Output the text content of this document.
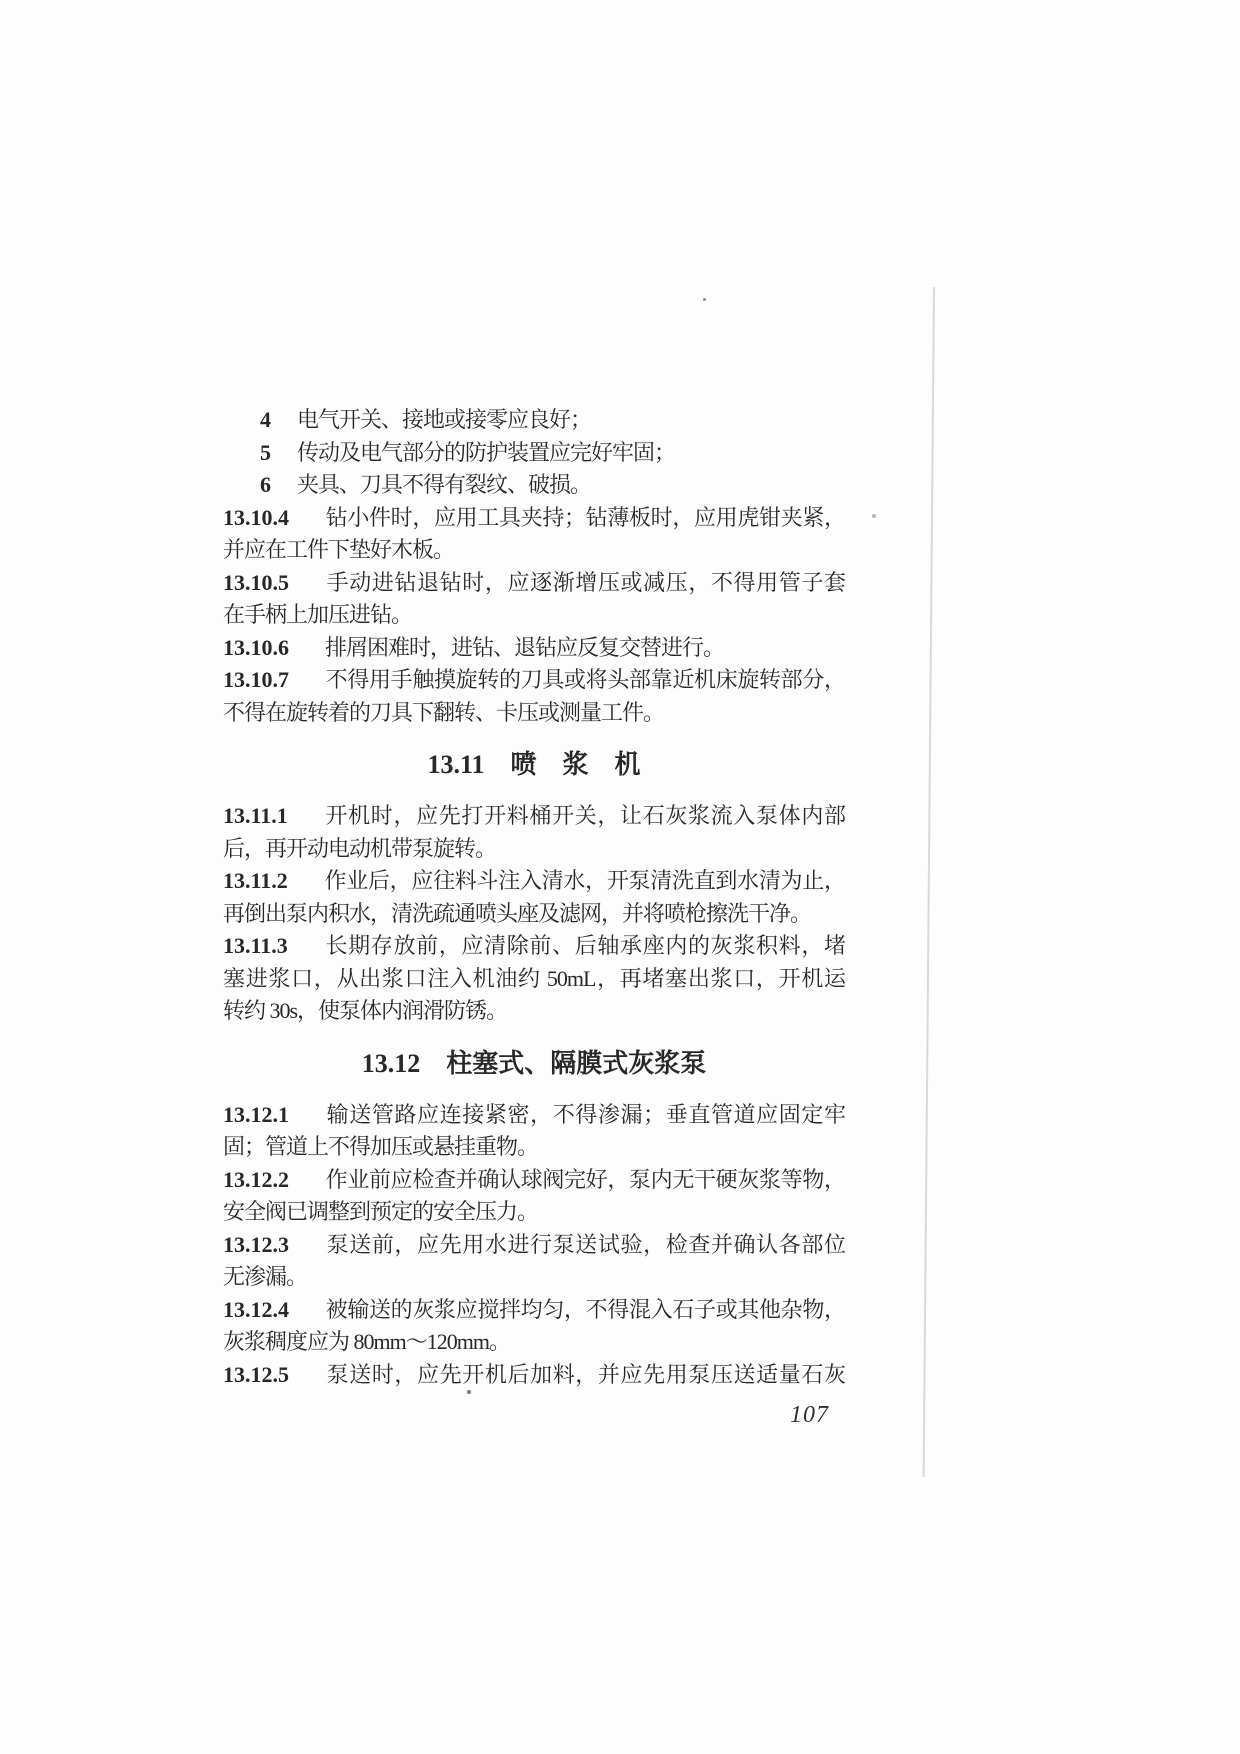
4 电气开关、接地或接零应良好；
5 传动及电气部分的防护装置应完好牢固；
6 夹具、刀具不得有裂纹、破损。
13.10.4 钻小件时，应用工具夹持；钻薄板时，应用虎钳夹紧，
并应在工件下垫好木板。
13.10.5 手动进钻退钻时，应逐渐增压或减压，不得用管子套
在手柄上加压进钻。
13.10.6 排屑困难时，进钻、退钻应反复交替进行。
13.10.7 不得用手触摸旋转的刀具或将头部靠近机床旋转部分，
不得在旋转着的刀具下翻转、卡压或测量工件。
13.11 喷　浆　机
13.11.1 开机时，应先打开料桶开关，让石灰浆流入泵体内部
后，再开动电动机带泵旋转。
13.11.2 作业后，应往料斗注入清水，开泵清洗直到水清为止，
再倒出泵内积水，清洗疏通喷头座及滤网，并将喷枪擦洗干净。
13.11.3 长期存放前，应清除前、后轴承座内的灰浆积料，堵
塞进浆口，从出浆口注入机油约 50mL，再堵塞出浆口，开机运
转约 30s，使泵体内润滑防锈。
13.12 柱塞式、隔膜式灰浆泵
13.12.1 输送管路应连接紧密，不得渗漏；垂直管道应固定牢
固；管道上不得加压或悬挂重物。
13.12.2 作业前应检查并确认球阀完好，泵内无干硬灰浆等物，
安全阀已调整到预定的安全压力。
13.12.3 泵送前，应先用水进行泵送试验，检查并确认各部位
无渗漏。
13.12.4 被输送的灰浆应搅拌均匀，不得混入石子或其他杂物，
灰浆稠度应为 80mm～120mm。
13.12.5 泵送时，应先开机后加料，并应先用泵压送适量石灰
107
